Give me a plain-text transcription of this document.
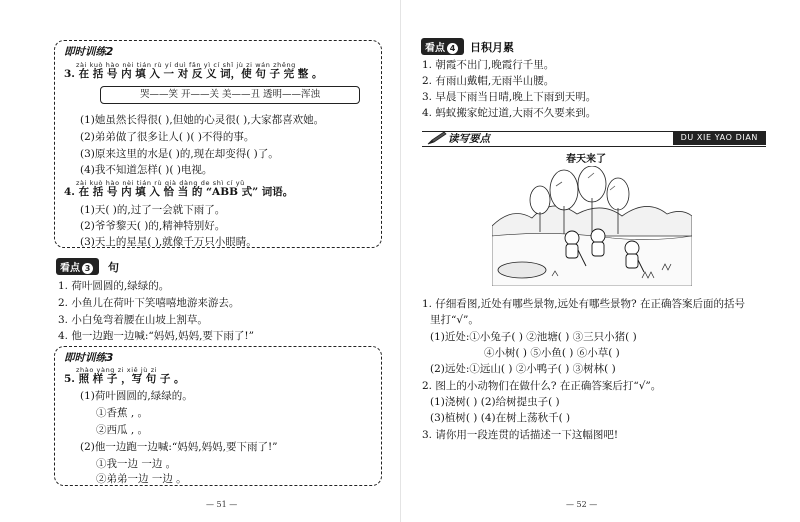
即时训练2
zài kuò hào nèi tián rù yí duì fǎn yì cí shǐ jù zi wán zhěng
3. 在 括 号 内 填 入 一 对 反 义 词，使 句 子 完 整 。
哭——笑 开——关 美——丑 透明——浑浊
(1)她虽然长得很( ),但她的心灵很( ),大家都喜欢她。
(2)弟弟做了很多让人( )( )不得的事。
(3)原来这里的水是( )的,现在却变得( )了。
(4)我不知道怎样( )( )电视。
zài kuò hào nèi tián rù qià dàng de shì cí yǔ
4. 在 括 号 内 填 入 恰 当 的 “ABB 式” 词语。
(1)天( )的,过了一会就下雨了。
(2)爷爷黎天( )的,精神特别好。
(3)天上的星星( ),就像千万只小眼睛。
看点 3	句
1. 荷叶圆圆的,绿绿的。
2. 小鱼儿在荷叶下笑嘻嘻地游来游去。
3. 小白兔弯着腰在山坡上割草。
4. 他一边跑一边喊:“妈妈,妈妈,要下雨了!”
即时训练3
zhào yàng zi xiě jù zi
5. 照 样 子 ，写 句 子 。
(1)荷叶圆圆的,绿绿的。
①香蕉 , 。
②西瓜 , 。
(2)他一边跑一边喊:“妈妈,妈妈,要下雨了!”
①我一边 一边 。
②弟弟一边 一边 。
— 51 —
看点 4	日积月累
1. 朝霞不出门,晚霞行千里。
2. 有雨山戴帽,无雨半山腰。
3. 早晨下雨当日晴,晚上下雨到天明。
4. 蚂蚁搬家蛇过道,大雨不久要来到。
读写要点	DU XIE YAO DIAN
春天来了
1. 仔细看图,近处有哪些景物,远处有哪些景物? 在正确答案后面的括号
里打“√”。
(1)近处:①小兔子( ) ②池塘( ) ③三只小猪( )
④小树( ) ⑤小鱼( ) ⑥小草( )
(2)远处:①远山( ) ②小鸭子( ) ③树林( )
2. 图上的小动物们在做什么? 在正确答案后打“√”。
(1)浇树( ) (2)给树提虫子( )
(3)植树( ) (4)在树上荡秋千( )
3. 请你用一段连贯的话描述一下这幅图吧!
— 52 —
